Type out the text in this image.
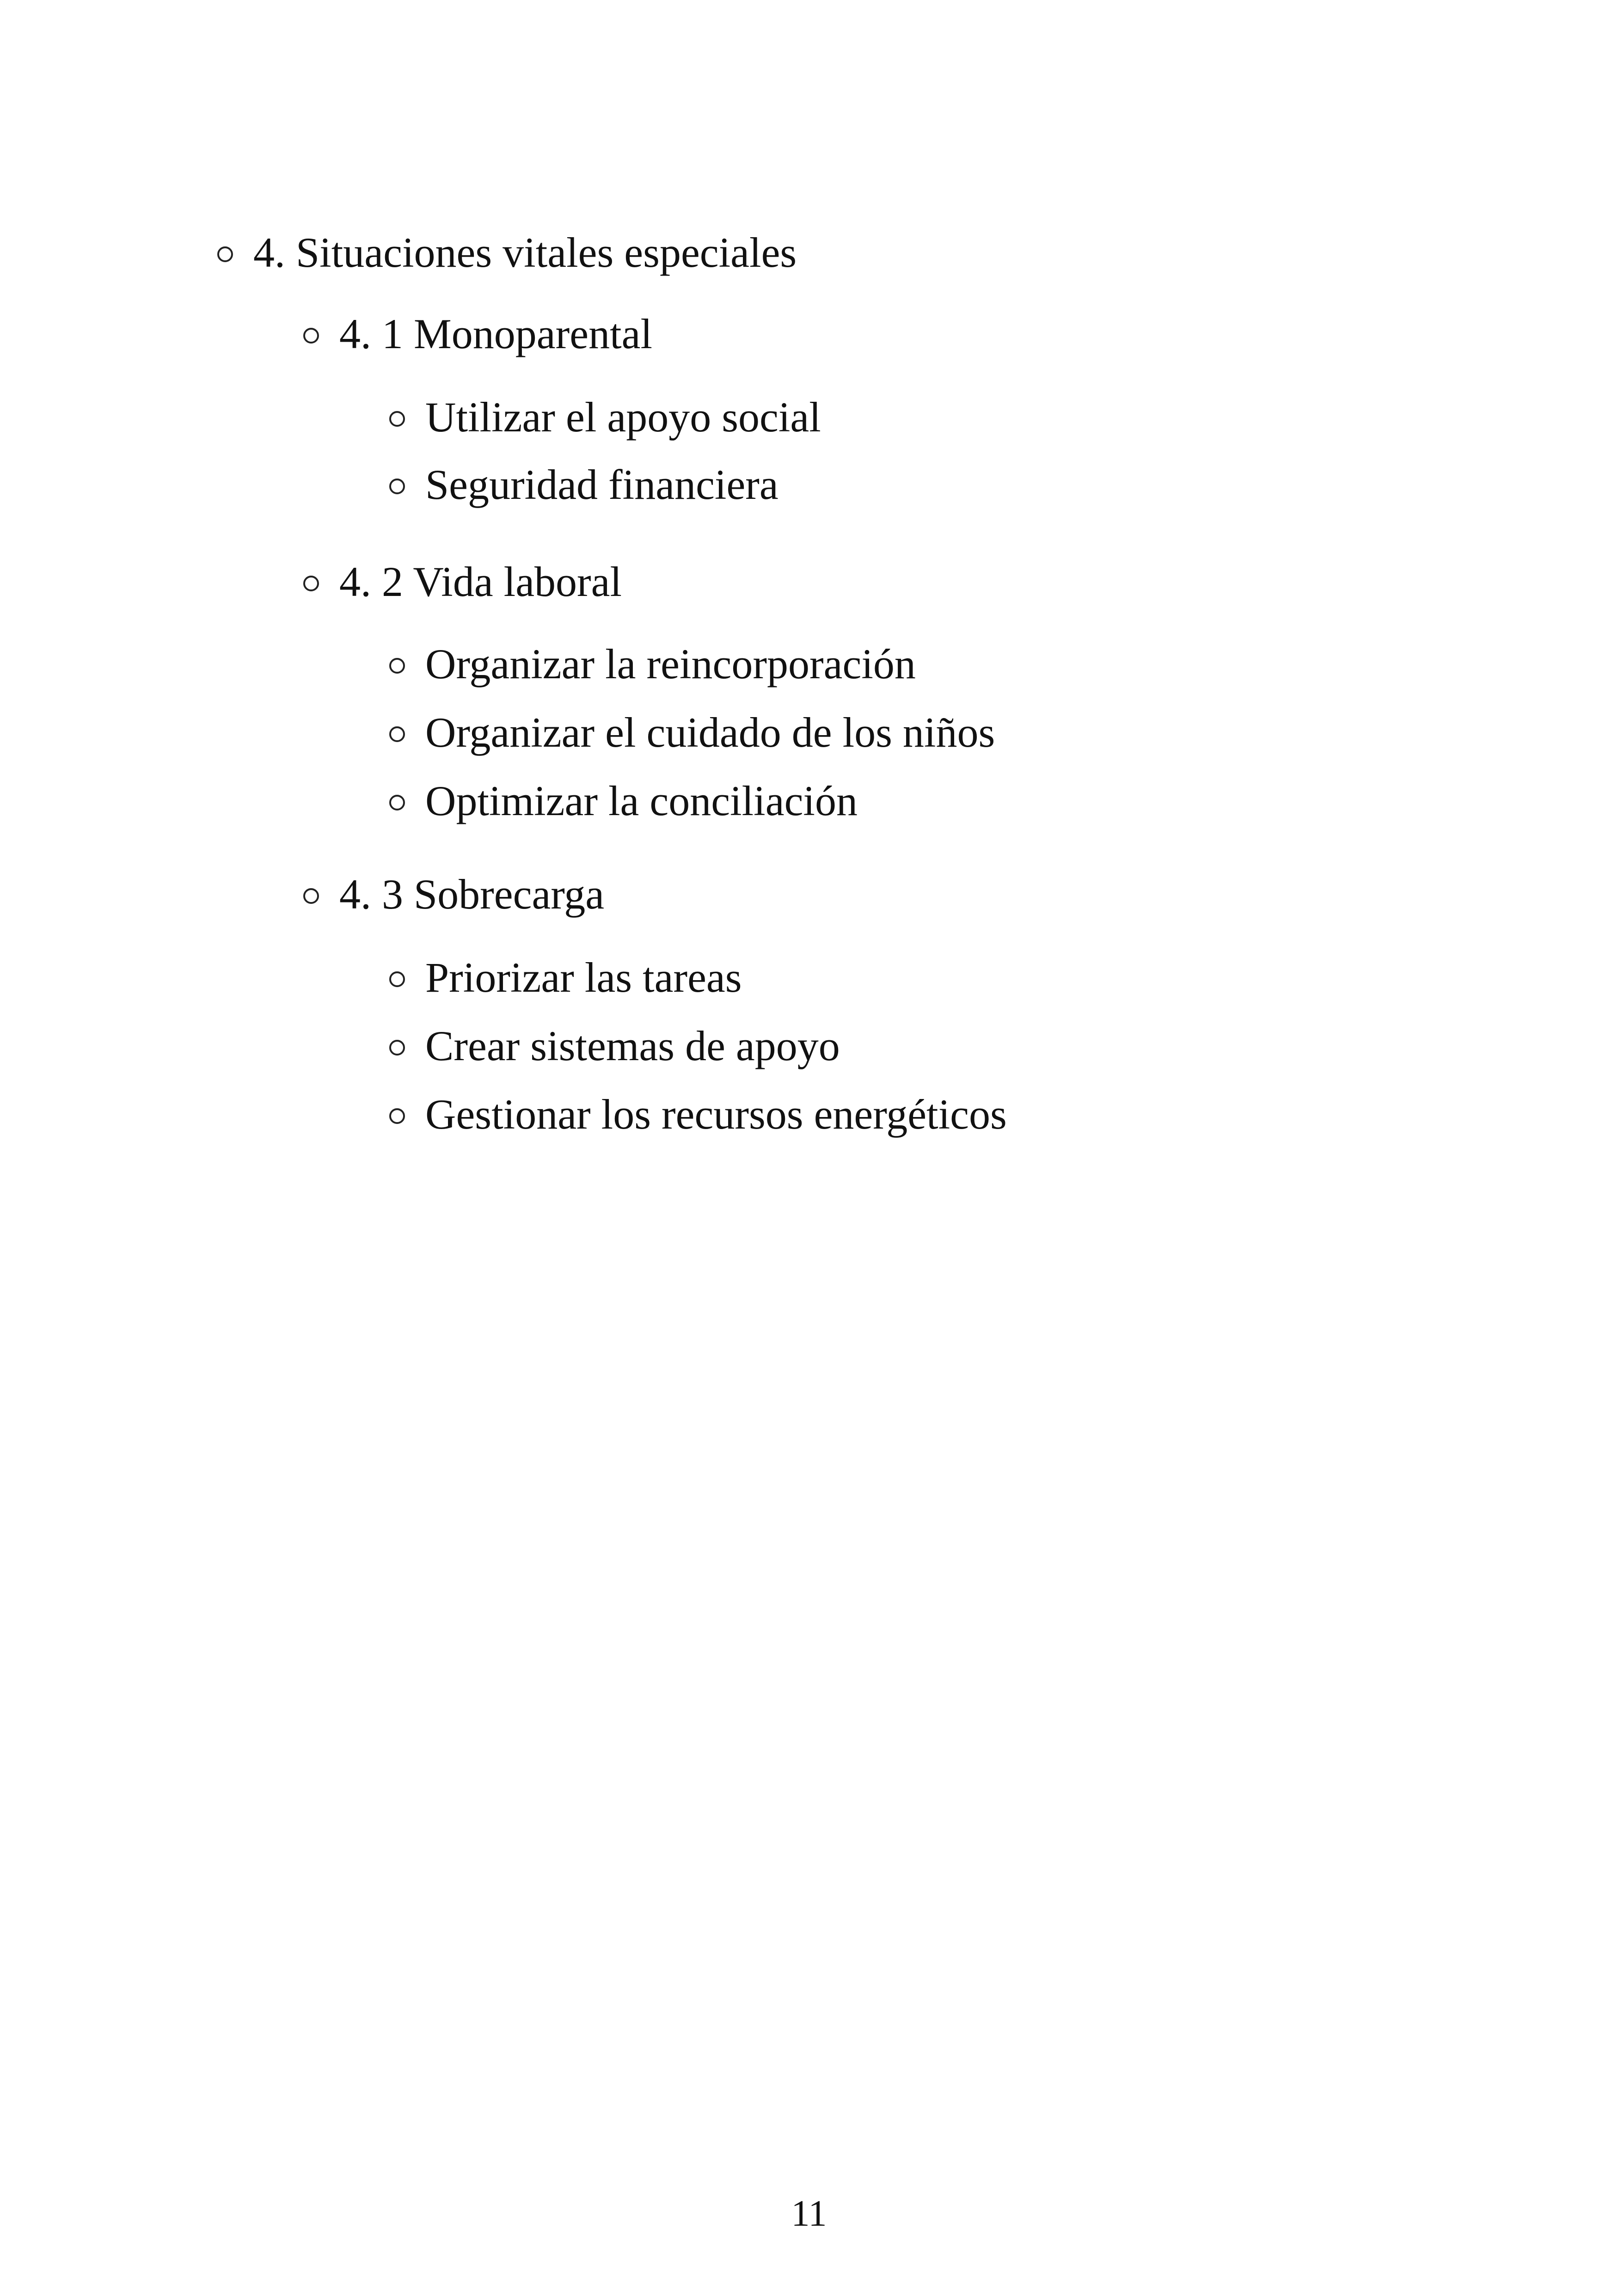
4. Situaciones vitales especiales
4. 1 Monoparental
Utilizar el apoyo social
Seguridad financiera
4. 2 Vida laboral
Organizar la reincorporación
Organizar el cuidado de los niños
Optimizar la conciliación
4. 3 Sobrecarga
Priorizar las tareas
Crear sistemas de apoyo
Gestionar los recursos energéticos
11
